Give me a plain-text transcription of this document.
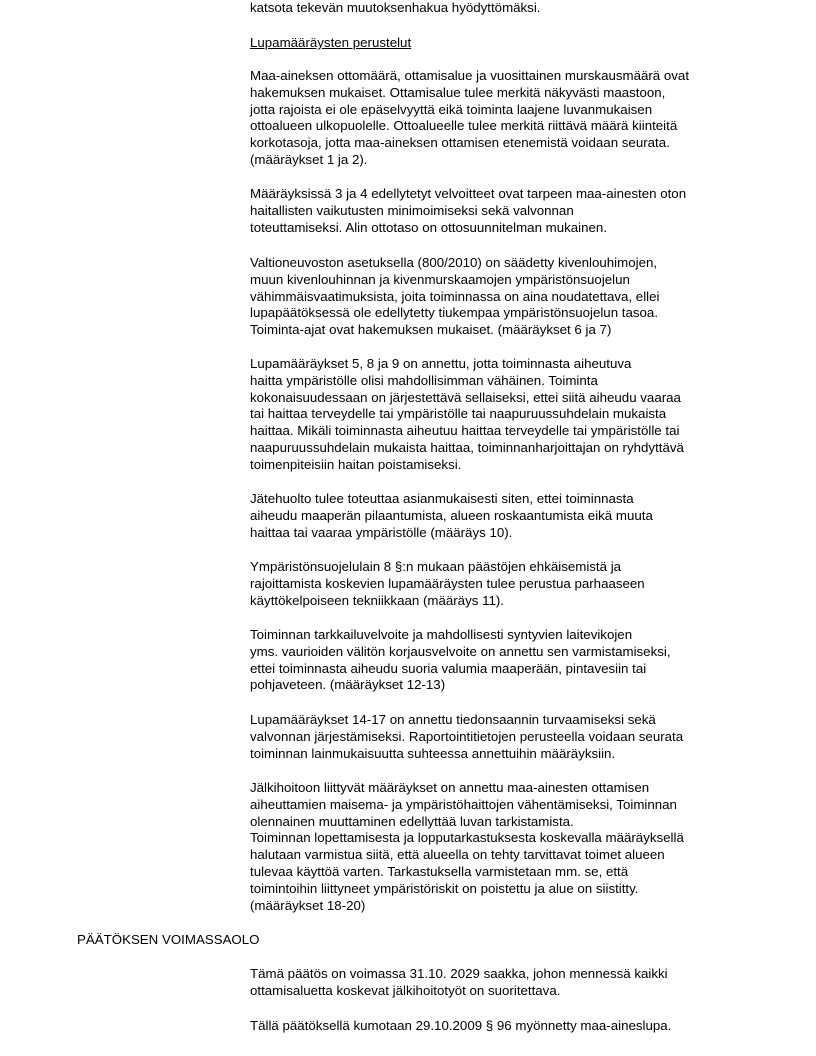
katsota tekevän muutoksenhakua hyödyttömäksi.
Lupamääräysten perustelut
Maa-aineksen ottomäärä, ottamisalue ja vuosittainen murskausmäärä ovat
hakemuksen mukaiset. Ottamisalue tulee merkitä näkyvästi maastoon,
jotta rajoista ei ole epäselvyyttä eikä toiminta laajene luvanmukaisen
ottoalueen ulkopuolelle. Ottoalueelle tulee merkitä riittävä määrä kiinteitä
korkotasoja, jotta maa-aineksen ottamisen etenemistä voidaan seurata.
(määräykset 1 ja 2).
Määräyksissä 3 ja 4 edellytetyt velvoitteet ovat tarpeen maa-ainesten oton
haitallisten vaikutusten minimoimiseksi sekä valvonnan
toteuttamiseksi. Alin ottotaso on ottosuunnitelman mukainen.
Valtioneuvoston asetuksella (800/2010) on säädetty kivenlouhimojen,
muun kivenlouhinnan ja kivenmurskaamojen ympäristönsuojelun
vähimmäisvaatimuksista, joita toiminnassa on aina noudatettava, ellei
lupapäätöksessä ole edellytetty tiukempaa ympäristönsuojelun tasoa.
Toiminta-ajat ovat hakemuksen mukaiset. (määräykset 6 ja 7)
Lupamääräykset 5, 8 ja 9 on annettu, jotta toiminnasta aiheutuva
haitta ympäristölle olisi mahdollisimman vähäinen. Toiminta
kokonaisuudessaan on järjestettävä sellaiseksi, ettei siitä aiheudu vaaraa
tai haittaa terveydelle tai ympäristölle tai naapuruussuhdelain mukaista
haittaa. Mikäli toiminnasta aiheutuu haittaa terveydelle tai ympäristölle tai
naapuruussuhdelain mukaista haittaa, toiminnanharjoittajan on ryhdyttävä
toimenpiteisiin haitan poistamiseksi.
Jätehuolto tulee toteuttaa asianmukaisesti siten, ettei toiminnasta
aiheudu maaperän pilaantumista, alueen roskaantumista eikä muuta
haittaa tai vaaraa ympäristölle (määräys 10).
Ympäristönsuojelulain 8 §:n mukaan päästöjen ehkäisemistä ja
rajoittamista koskevien lupamääräysten tulee perustua parhaaseen
käyttökelpoiseen tekniikkaan (määräys 11).
Toiminnan tarkkailuvelvoite ja mahdollisesti syntyvien laitevikojen
yms. vaurioiden välitön korjausvelvoite on annettu sen varmistamiseksi,
ettei toiminnasta aiheudu suoria valumia maaperään, pintavesiin tai
pohjaveteen. (määräykset 12-13)
Lupamääräykset 14-17 on annettu tiedonsaannin turvaamiseksi sekä
valvonnan järjestämiseksi. Raportointitietojen perusteella voidaan seurata
toiminnan lainmukaisuutta suhteessa annettuihin määräyksiin.
Jälkihoitoon liittyvät määräykset on annettu maa-ainesten ottamisen
aiheuttamien maisema- ja ympäristöhaittojen vähentämiseksi, Toiminnan
olennainen muuttaminen edellyttää luvan tarkistamista.
Toiminnan lopettamisesta ja lopputarkastuksesta koskevalla määräyksellä
halutaan varmistua siitä, että alueella on tehty tarvittavat toimet alueen
tulevaa käyttöä varten. Tarkastuksella varmistetaan mm. se, että
toimintoihin liittyneet ympäristöriskit on poistettu ja alue on siistitty.
(määräykset 18-20)
PÄÄTÖKSEN VOIMASSAOLO
Tämä päätös on voimassa 31.10. 2029 saakka, johon mennessä kaikki
ottamisaluetta koskevat jälkihoitotyöt on suoritettava.
Tällä päätöksellä kumotaan 29.10.2009 § 96 myönnetty maa-aineslupa.
